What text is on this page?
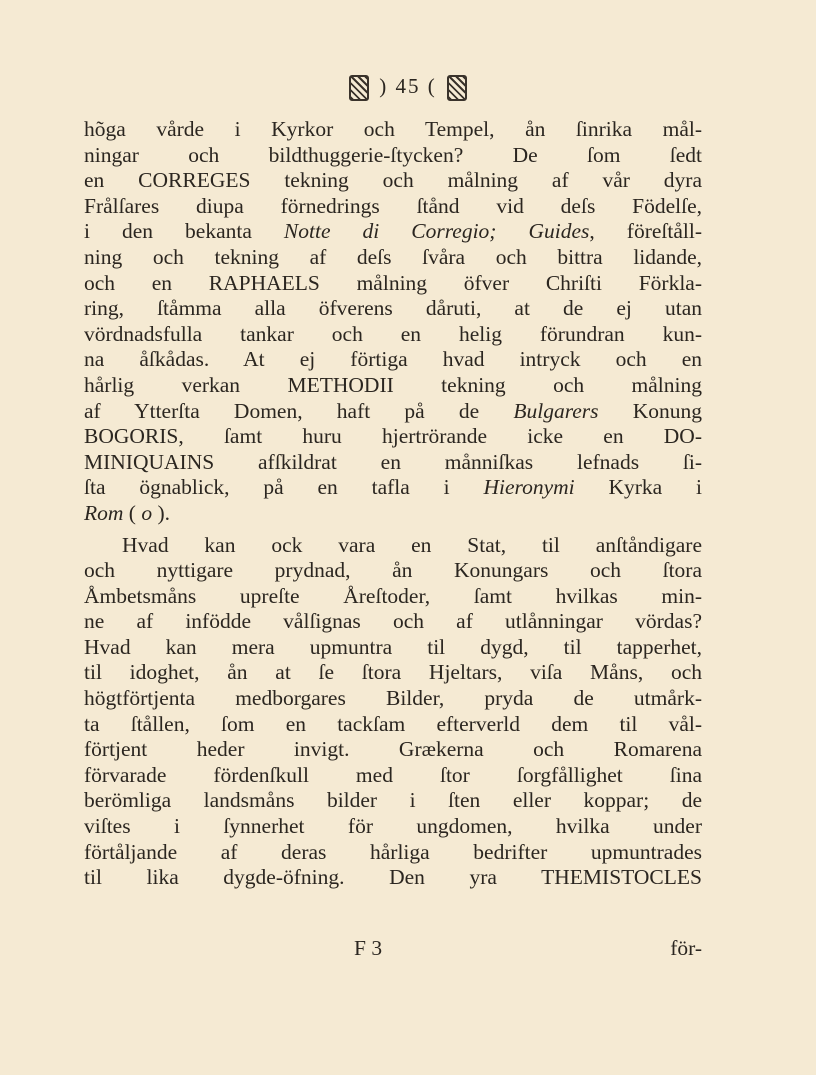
) 45 (
hõga vårde i Kyrkor och Tempel, ån ſinrika mål-
ningar och bildthuggerie-ſtycken? De ſom ſedt
en CORREGES tekning och målning af vår dyra
Frålſares diupa förnedrings ſtånd vid deſs Födelſe,
i den bekanta Notte di Corregio; Guides, föreſtåll-
ning och tekning af deſs ſvåra och bittra lidande,
och en RAPHAELS målning öfver Chriſti Förkla-
ring, ſtåmma alla öfverens dåruti, at de ej utan
vördnadsfulla tankar och en helig förundran kun-
na åſkådas. At ej förtiga hvad intryck och en
hårlig verkan METHODII tekning och målning
af Ytterſta Domen, haft på de Bulgarers Konung
BOGORIS, ſamt huru hjertrörande icke en DO-
MINIQUAINS afſkildrat en månniſkas lefnads ſi-
ſta ögnablick, på en tafla i Hieronymi Kyrka i
Rom ( o ).
Hvad kan ock vara en Stat, til anſtåndigare
och nyttigare prydnad, ån Konungars och ſtora
Åmbetsmåns upreſte Åreſtoder, ſamt hvilkas min-
ne af infödde vålſignas och af utlånningar vördas?
Hvad kan mera upmuntra til dygd, til tapperhet,
til idoghet, ån at ſe ſtora Hjeltars, viſa Måns, och
högtförtjenta medborgares Bilder, pryda de utmårk-
ta ſtållen, ſom en tackſam efterverld dem til vål-
förtjent heder invigt. Grækerna och Romarena
förvarade fördenſkull med ſtor ſorgfållighet ſina
berömliga landsmåns bilder i ſten eller koppar; de
viſtes i ſynnerhet för ungdomen, hvilka under
förtåljande af deras hårliga bedrifter upmuntrades
til lika dygde-öfning. Den yra THEMISTOCLES
F 3	för-
